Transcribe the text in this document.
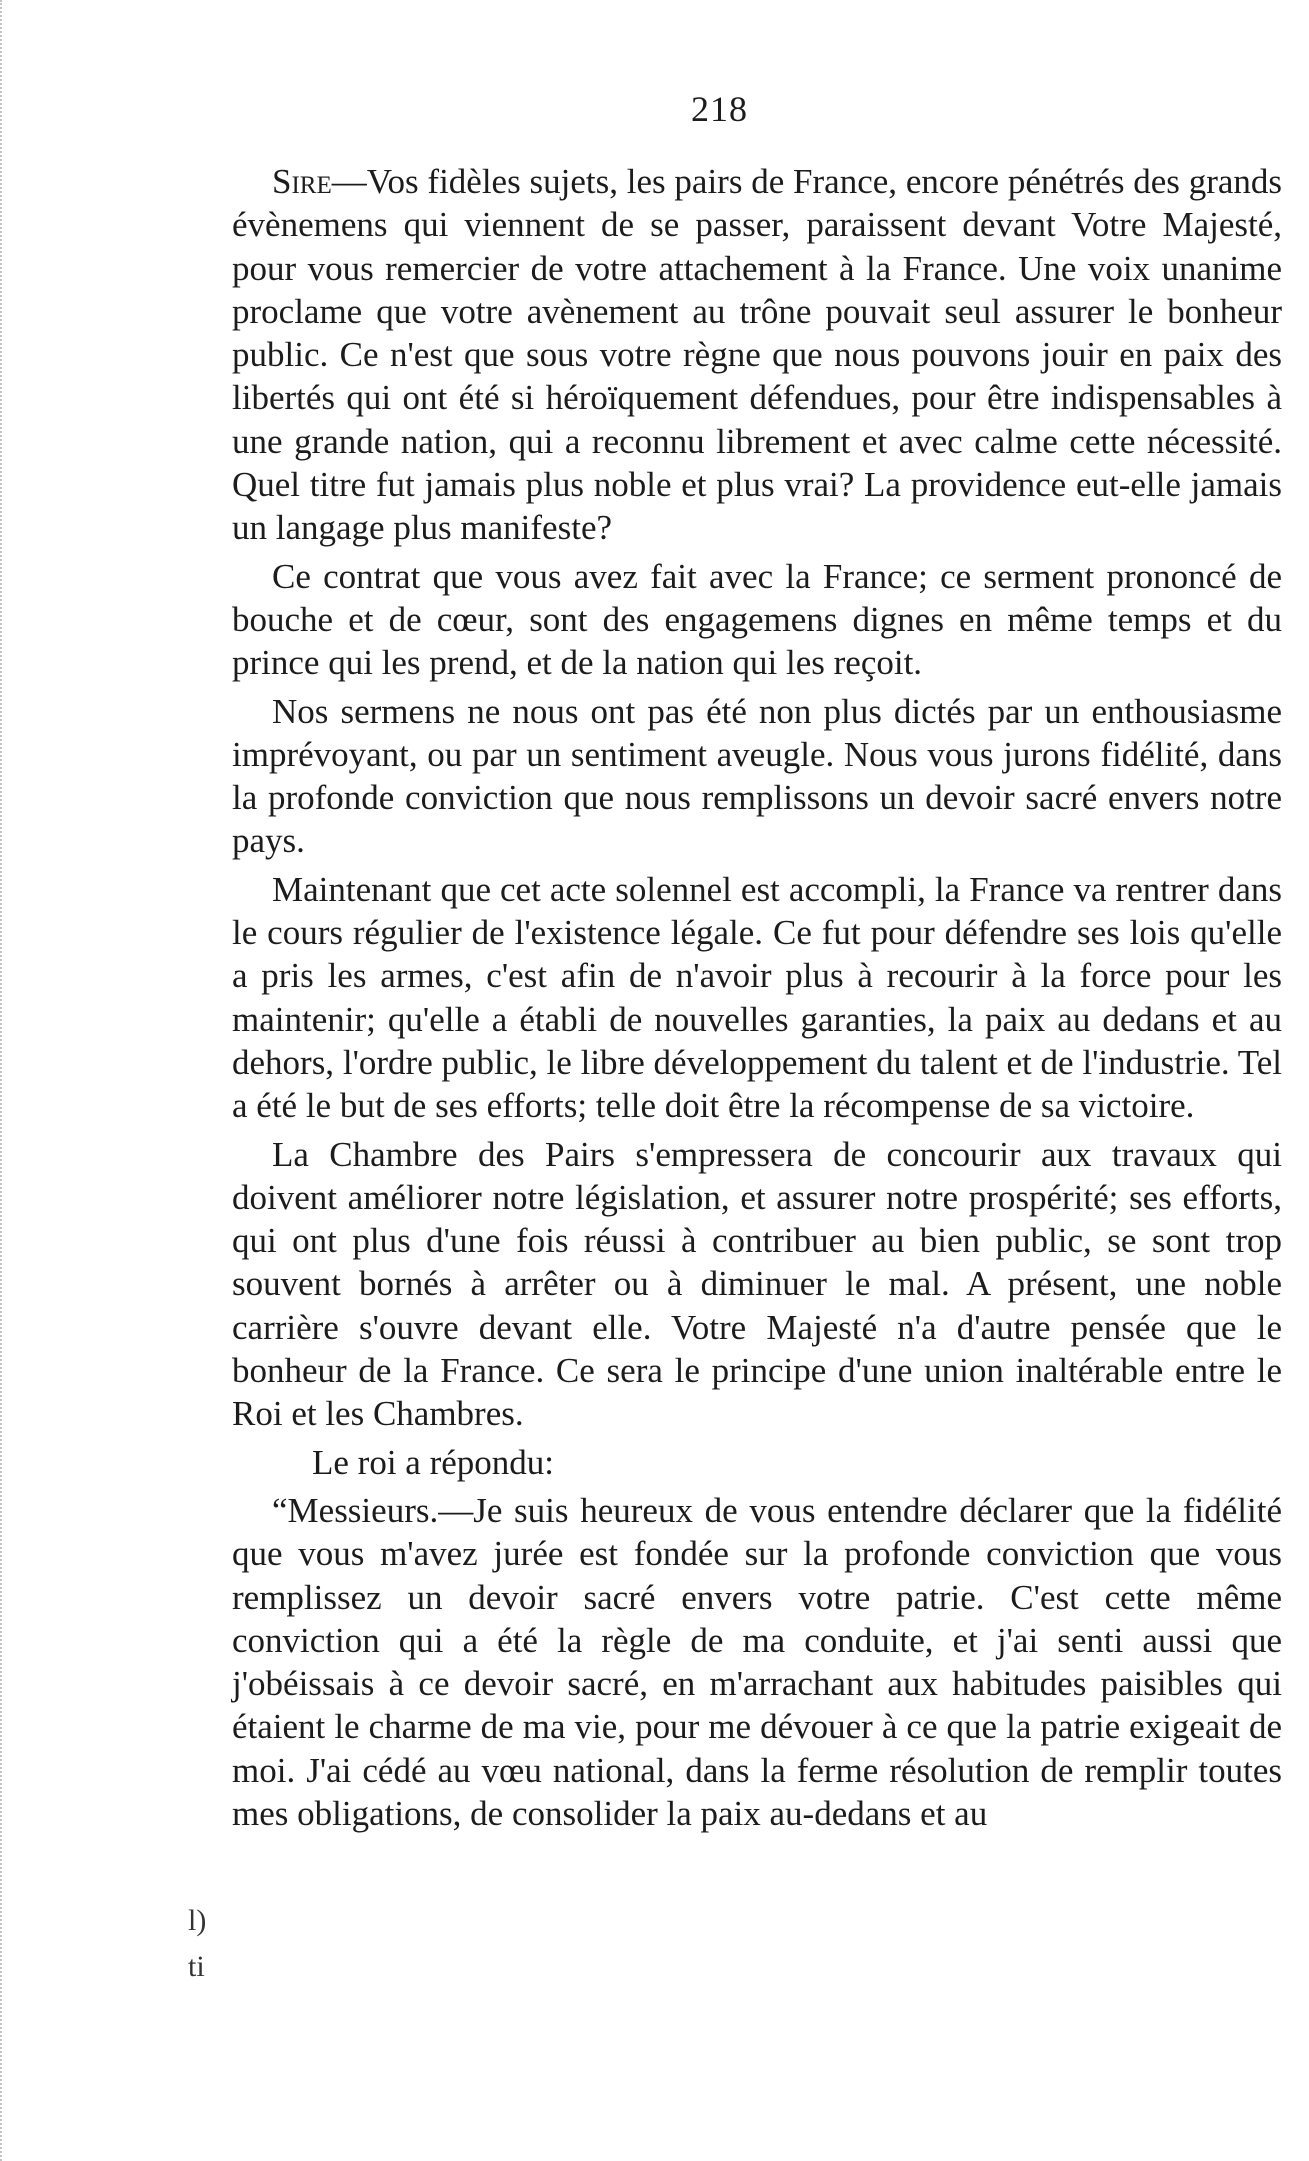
218

Sire—Vos fidèles sujets, les pairs de France, encore pénétrés des grands évènemens qui viennent de se passer, paraissent devant Votre Majesté, pour vous remercier de votre attachement à la France. Une voix unanime proclame que votre avènement au trône pouvait seul assurer le bonheur public. Ce n'est que sous votre règne que nous pouvons jouir en paix des libertés qui ont été si héroïquement défendues, pour être indispensables à une grande nation, qui a reconnu librement et avec calme cette nécessité. Quel titre fut jamais plus noble et plus vrai? La providence eut-elle jamais un langage plus manifeste?

Ce contrat que vous avez fait avec la France; ce serment prononcé de bouche et de cœur, sont des engagemens dignes en même temps et du prince qui les prend, et de la nation qui les reçoit.

Nos sermens ne nous ont pas été non plus dictés par un enthousiasme imprévoyant, ou par un sentiment aveugle. Nous vous jurons fidélité, dans la profonde conviction que nous remplissons un devoir sacré envers notre pays.

Maintenant que cet acte solennel est accompli, la France va rentrer dans le cours régulier de l'existence légale. Ce fut pour défendre ses lois qu'elle a pris les armes, c'est afin de n'avoir plus à recourir à la force pour les maintenir; qu'elle a établi de nouvelles garanties, la paix au dedans et au dehors, l'ordre public, le libre développement du talent et de l'industrie. Tel a été le but de ses efforts; telle doit être la récompense de sa victoire.

La Chambre des Pairs s'empressera de concourir aux travaux qui doivent améliorer notre législation, et assurer notre prospérité; ses efforts, qui ont plus d'une fois réussi à contribuer au bien public, se sont trop souvent bornés à arrêter ou à diminuer le mal. A présent, une noble carrière s'ouvre devant elle. Votre Majesté n'a d'autre pensée que le bonheur de la France. Ce sera le principe d'une union inaltérable entre le Roi et les Chambres.

Le roi a répondu:

“Messieurs.—Je suis heureux de vous entendre déclarer que la fidélité que vous m'avez jurée est fondée sur la profonde conviction que vous remplissez un devoir sacré envers votre patrie. C'est cette même conviction qui a été la règle de ma conduite, et j'ai senti aussi que j'obéissais à ce devoir sacré, en m'arrachant aux habitudes paisibles qui étaient le charme de ma vie, pour me dévouer à ce que la patrie exigeait de moi. J'ai cédé au vœu national, dans la ferme résolution de remplir toutes mes obligations, de consolider la paix au-dedans et au

l)
ti
